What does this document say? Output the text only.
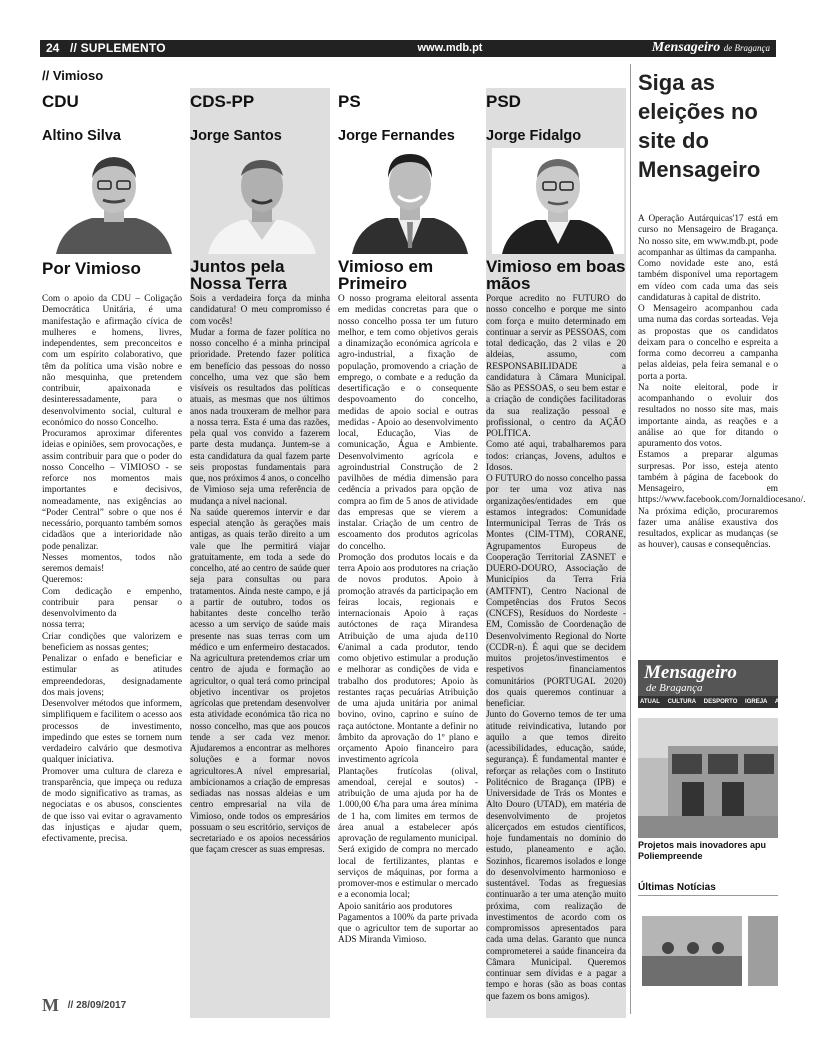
24 // SUPLEMENTO	www.mdb.pt	Mensageiro de Bragança
// Vimioso
CDU
Altino Silva
Por Vimioso

Com o apoio da CDU – Coligação Democrática Unitária, é uma manifestação e afirmação cívica de mulheres e homens, livres, independentes, sem preconceitos e com um espírito colaborativo, que têm da política uma visão nobre e não mesquinha, que pretendem contribuir, apaixonada e desinteressadamente, para o desenvolvimento social, cultural e económico do nosso Concelho.

Procuramos aproximar diferentes ideias e opiniões, sem provocações, e assim contribuir para que o poder do nosso Concelho – VIMIOSO - se reforce nos momentos mais importantes e decisivos, nomeadamente, nas exigências ao “Poder Central” sobre o que nos é necessário, porquanto também somos cidadãos que a interioridade não pode penalizar.

Nesses momentos, todos não seremos demais!

Queremos:

Com dedicação e empenho, contribuir para pensar o desenvolvimento da

nossa terra;

Criar condições que valorizem e beneficiem as nossas gentes;

Penalizar o enfado e beneficiar e estimular as atitudes empreendedoras, designadamente dos mais jovens;

Desenvolver métodos que informem, simplifiquem e facilitem o acesso aos processos de investimento, impedindo que estes se tornem num verdadeiro calvário que desmotiva qualquer iniciativa.

Promover uma cultura de clareza e transparência, que impeça ou reduza de modo significativo as tramas, as negociatas e os abusos, conscientes de que isso vai evitar o agravamento das injustiças e ajudar quem, efectivamente, precisa.

CDS-PP
Jorge Santos
Juntos pela Nossa Terra

Sois a verdadeira força da minha candidatura! O meu compromisso é com vocês!

Mudar a forma de fazer política no nosso concelho é a minha principal prioridade. Pretendo fazer política em benefício das pessoas do nosso concelho, uma vez que são bem visíveis os resultados das políticas atuais, as mesmas que nos últimos anos nada trouxeram de melhor para a nossa terra. Esta é uma das razões, pela qual vos convido a fazerem parte desta mudança. Juntem-se a esta candidatura da qual fazem parte seis propostas fundamentais para que, nos próximos 4 anos, o concelho de Vimioso seja uma referência de mudança a nível nacional.

Na saúde queremos intervir e dar especial atenção às gerações mais antigas, as quais terão direito a um vale que lhe permitirá viajar gratuitamente, em toda a sede do concelho, até ao centro de saúde quer seja para consultas ou para tratamentos. Ainda neste campo, e já a partir de outubro, todos os habitantes deste concelho terão acesso a um serviço de saúde mais presente nas suas terras com um médico e um enfermeiro destacados. Na agricultura pretendemos criar um centro de ajuda e formação ao agricultor, o qual terá como principal objetivo incentivar os projetos agrícolas que pretendam desenvolver esta atividade económica tão rica no nosso concelho, mas que aos poucos tende a ser cada vez menor. Ajudaremos a encontrar as melhores soluções e a formar novos agricultores.A nível empresarial, ambicionamos a criação de empresas sediadas nas nossas aldeias e um centro empresarial na vila de Vimioso, onde todos os empresários possuam o seu escritório, serviços de secretariado e os apoios necessários que façam crescer as suas empresas.

PS
Jorge Fernandes
Vimioso em Primeiro

O nosso programa eleitoral assenta em medidas concretas para que o nosso concelho possa ter um futuro melhor, e tem como objetivos gerais a dinamização económica agrícola e agro-industrial, a fixação de população, promovendo a criação de emprego, o combate e a redução da desertificação e o consequente despovoamento do concelho, medidas de apoio social e outras medidas - Apoio ao desenvolvimento local, Educação, Vias de comunicação, Água e Ambiente. Desenvolvimento agrícola e agroindustrial Construção de 2 pavilhões de média dimensão para cedência a privados para opção de compra ao fim de 5 anos de atividade das empresas que se vierem a instalar. Criação de um centro de escoamento dos produtos agrícolas do concelho.

Promoção dos produtos locais e da terra Apoio aos produtores na criação de novos produtos. Apoio à promoção através da participação em feiras locais, regionais e internacionais Apoio à raças autóctones de raça Mirandesa Atribuição de uma ajuda de110 €/animal a cada produtor, tendo como objetivo estimular a produção e melhorar as condições de vida e trabalho dos produtores; Apoio às restantes raças pecuárias Atribuição de uma ajuda unitária por animal bovino, ovino, caprino e suíno de raça autóctone. Montante a definir no âmbito da aprovação do 1º plano e orçamento Apoio financeiro para investimento agrícola

Plantações frutícolas (olival, amendoal, cerejal e soutos) - atribuição de uma ajuda por ha de 1.000,00 €/ha para uma área mínima de 1 ha, com limites em termos de área anual a estabelecer após aprovação de regulamento municipal.

Será exigido de compra no mercado local de fertilizantes, plantas e serviços de máquinas, por forma a promover-mos e estimular o mercado e a economia local;

Apoio sanitário aos produtores

Pagamentos a 100% da parte privada que o agricultor tem de suportar ao ADS Miranda Vimioso.

PSD
Jorge Fidalgo
Vimioso em boas mãos

Porque acredito no FUTURO do nosso concelho e porque me sinto com força e muito determinado em continuar a servir as PESSOAS, com total dedicação, das 2 vilas e 20 aldeias, assumo, com RESPONSABILIDADE a candidatura à Câmara Municipal. São as PESSOAS, o seu bem estar e a criação de condições facilitadoras da sua realização pessoal e profissional, o centro da AÇÃO POLÍTICA.

Como até aqui, trabalharemos para todos: crianças, Jovens, adultos e Idosos.

O FUTURO do nosso concelho passa por ter uma voz ativa nas organizações/entidades em que estamos integrados: Comunidade Intermunicipal Terras de Trás os Montes (CIM-TTM), CORANE, Agrupamentos Europeus de Cooperação Territorial ZASNET e DUERO-DOURO, Associação de Municípios da Terra Fria (AMTFNT), Centro Nacional de Competências dos Frutos Secos (CNCFS), Resíduos do Nordeste - EM, Comissão de Coordenação de Desenvolvimento Regional do Norte (CCDR-n). É aqui que se decidem muitos projetos/investimentos e respetivos financiamentos comunitários (PORTUGAL 2020) dos quais queremos continuar a beneficiar.

Junto do Governo temos de ter uma atitude reivindicativa, lutando por aquilo a que temos direito (acessibilidades, educação, saúde, segurança). É fundamental manter e reforçar as relações com o Instituto Politécnico de Bragança (IPB) e Universidade de Trás os Montes e Alto Douro (UTAD), em matéria de desenvolvimento de projetos alicerçados em estudos científicos, hoje fundamentais no domínio do estudo, planeamento e ação. Sozinhos, ficaremos isolados e longe do desenvolvimento harmonioso e sustentável. Todas as freguesias continuarão a ter uma atenção muito próxima, com realização de investimentos de acordo com os compromissos apresentados para cada uma delas. Garanto que nunca comprometerei a saúde financeira da Câmara Municipal. Queremos continuar sem dívidas e a pagar a tempo e horas (são as boas contas que fazem os bons amigos).

Siga as eleições no site do Mensageiro

A Operação Autárquicas'17 está em curso no Mensageiro de Bragança. No nosso site, em www.mdb.pt, pode acompanhar as últimas da campanha.

Como novidade este ano, está também disponível uma reportagem em vídeo com cada uma das seis candidaturas à capital de distrito.

O Mensageiro acompanhou cada uma numa das cordas sorteadas. Veja as propostas que os candidatos deixam para o concelho e espreita a forma como decorreu a campanha pelas aldeias, pela feira semanal e o porta a porta.

Na noite eleitoral, pode ir acompanhando o evoluir dos resultados no nosso site mas, mais importante ainda, as reações e a análise ao que for ditando o apuramento dos votos.

Estamos a preparar algumas surpresas. Por isso, esteja atento também à página de facebook do Mensageiro, em https://www.facebook.com/Jornaldiocesano/.

Na próxima edição, procuraremos fazer uma análise exaustiva dos resultados, explicar as mudanças (se as houver), causas e consequências.

Mensageiro
de Bragança
ATUAL CULTURA DESPORTO IGREJA AGENDA
Projetos mais inovadores apu Poliempreende
Últimas Notícias
M // 28/09/2017
